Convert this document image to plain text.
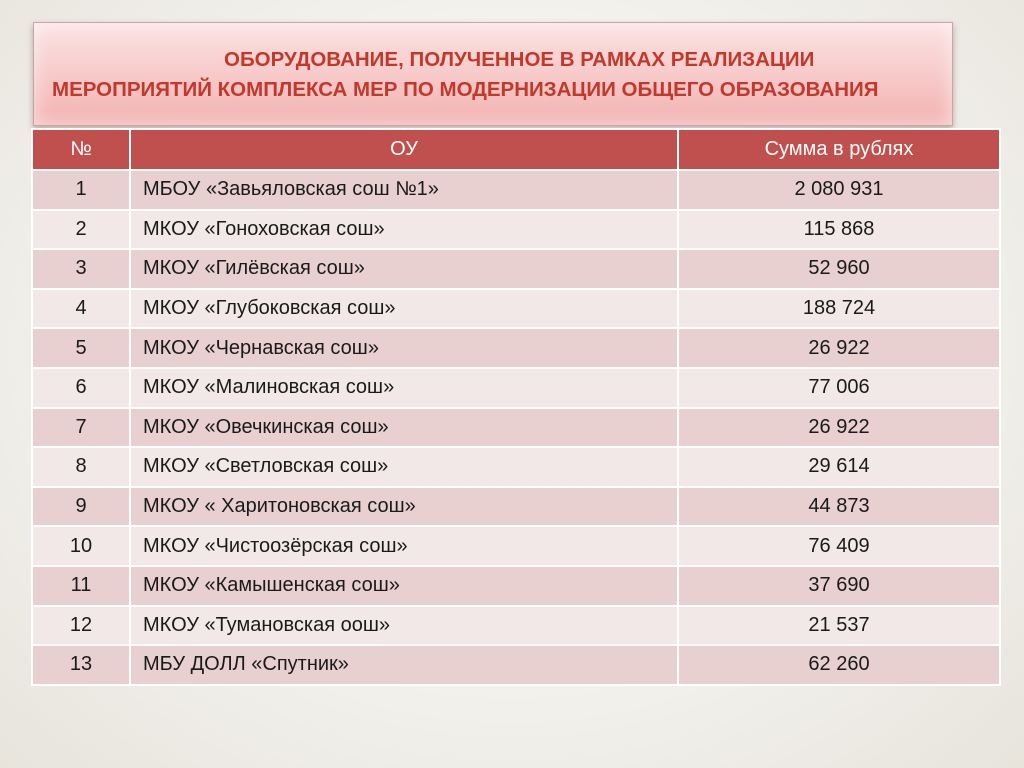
ОБОРУДОВАНИЕ, ПОЛУЧЕННОЕ В РАМКАХ РЕАЛИЗАЦИИ
МЕРОПРИЯТИЙ КОМПЛЕКСА МЕР ПО МОДЕРНИЗАЦИИ ОБЩЕГО ОБРАЗОВАНИЯ
№	ОУ	Сумма в рублях
1	МБОУ «Завьяловская сош №1»	2 080 931
2	МКОУ «Гоноховская сош»	115 868
3	МКОУ «Гилёвская сош»	52 960
4	МКОУ «Глубоковская сош»	188 724
5	МКОУ «Чернавская сош»	26 922
6	МКОУ «Малиновская сош»	77 006
7	МКОУ «Овечкинская сош»	26 922
8	МКОУ «Светловская сош»	29 614
9	МКОУ « Харитоновская сош»	44 873
10	МКОУ «Чистоозёрская сош»	76 409
11	МКОУ «Камышенская сош»	37 690
12	МКОУ «Тумановская оош»	21 537
13	МБУ ДОЛЛ «Спутник»	62 260
